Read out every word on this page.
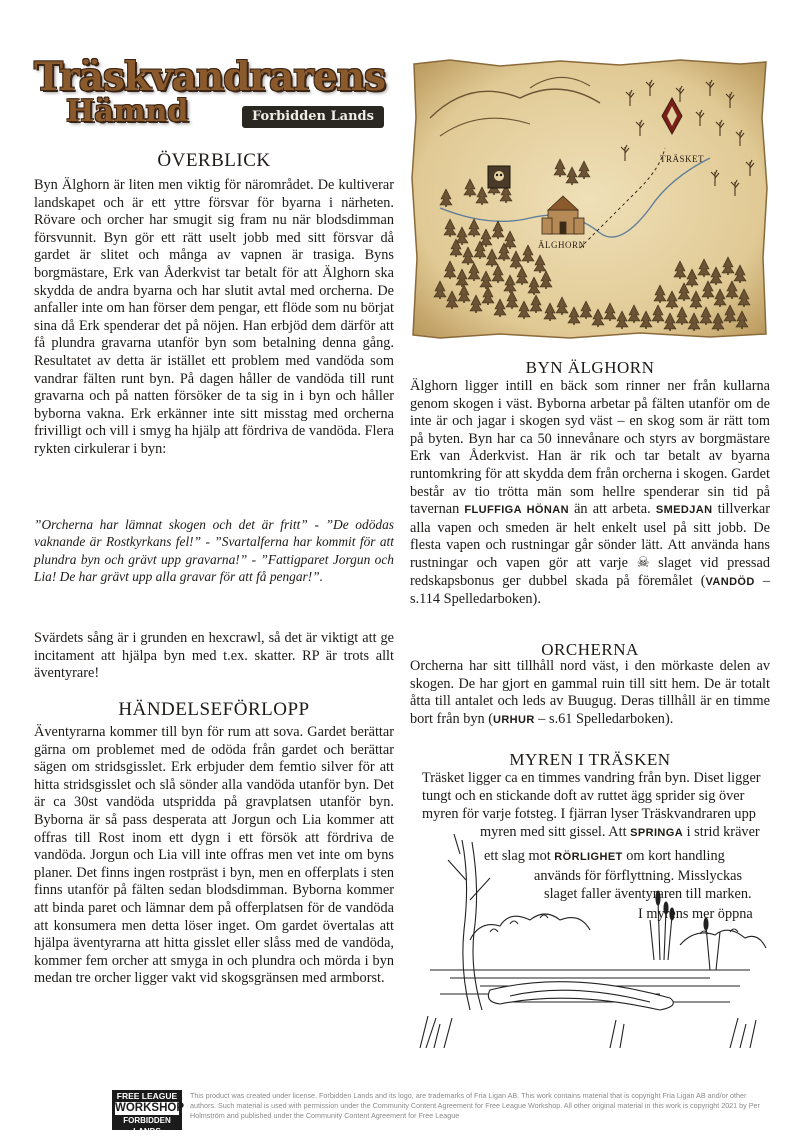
Träskvandrarens
Hämnd	Forbidden Lands
ÖVERBLICK

Byn Älghorn är liten men viktig för närområdet. De kultiverar landskapet och är ett yttre försvar för byarna i närheten. Rövare och orcher har smugit sig fram nu när blodsdimman försvunnit. Byn gör ett rätt uselt jobb med sitt försvar då gardet är slitet och många av vapnen är trasiga. Byns borgmästare, Erk van Åderkvist tar betalt för att Älghorn ska skydda de andra byarna och har slutit avtal med orcherna. De anfaller inte om han förser dem pengar, ett flöde som nu börjat sina då Erk spenderar det på nöjen. Han erbjöd dem därför att få plundra gravarna utanför byn som betalning denna gång. Resultatet av detta är istället ett problem med vandöda som vandrar fälten runt byn. På dagen håller de vandöda till runt gravarna och på natten försöker de ta sig in i byn och håller byborna vakna. Erk erkänner inte sitt misstag med orcherna frivilligt och vill i smyg ha hjälp att fördriva de vandöda. Flera rykten cirkulerar i byn:

”Orcherna har lämnat skogen och det är fritt” - ”De odödas vaknande är Rostkyrkans fel!” - ”Svartalferna har kommit för att plundra byn och grävt upp gravarna!” - ”Fattigparet Jorgun och Lia! De har grävt upp alla gravar för att få pengar!”.

Svärdets sång är i grunden en hexcrawl, så det är viktigt att ge incitament att hjälpa byn med t.ex. skatter. RP är trots allt äventyrare!

HÄNDELSEFÖRLOPP

Äventyrarna kommer till byn för rum att sova. Gardet berättar gärna om problemet med de odöda från gardet och berättar sägen om stridsgisslet. Erk erbjuder dem femtio silver för att hitta stridsgisslet och slå sönder alla vandöda utanför byn. Det är ca 30st vandöda utspridda på gravplatsen utanför byn. Byborna är så pass desperata att Jorgun och Lia kommer att offras till Rost inom ett dygn i ett försök att fördriva de vandöda. Jorgun och Lia vill inte offras men vet inte om byns planer. Det finns ingen rostpräst i byn, men en offerplats i sten finns utanför på fälten sedan blodsdimman. Byborna kommer att binda paret och lämnar dem på offerplatsen för de vandöda att konsumera men detta löser inget. Om gardet övertalas att hjälpa äventyrarna att hitta gisslet eller slåss med de vandöda, kommer fem orcher att smyga in och plundra och mörda i byn medan tre orcher ligger vakt vid skogsgränsen med armborst.

TRÄSKET
ÄLGHORN
BYN ÄLGHORN

Älghorn ligger intill en bäck som rinner ner från kullarna genom skogen i väst. Byborna arbetar på fälten utanför om de inte är och jagar i skogen syd väst – en skog som är rätt tom på byten. Byn har ca 50 innevånare och styrs av borgmästare Erk van Åderkvist. Han är rik och tar betalt av byarna runtomkring för att skydda dem från orcherna i skogen. Gardet består av tio trötta män som hellre spenderar sin tid på tavernan FLUFFIGA HÖNAN än att arbeta. SMEDJAN tillverkar alla vapen och smeden är helt enkelt usel på sitt jobb. De flesta vapen och rustningar går sönder lätt. Att använda hans rustningar och vapen gör att varje ☠ slaget vid pressad redskapsbonus ger dubbel skada på föremålet (VANDÖD – s.114 Spelledarboken).

ORCHERNA

Orcherna har sitt tillhåll nord väst, i den mörkaste delen av skogen. De har gjort en gammal ruin till sitt hem. De är totalt åtta till antalet och leds av Buugug. Deras tillhåll är en timme bort från byn (URHUR – s.61 Spelledarboken).

MYREN I TRÄSKEN
Träsket ligger ca en timmes vandring från byn. Diset ligger
tungt och en stickande doft av ruttet ägg sprider sig över
myren för varje fotsteg. I fjärran lyser Träskvandraren upp
myren med sitt gissel. Att SPRINGA i strid kräver
ett slag mot RÖRLIGHET om kort handling
används för förflyttning. Misslyckas
slaget faller äventyraren till marken.
I myrens mer öppna
FREE LEAGUE
WORKSHOP
FORBIDDEN LANDS

This product was created under license. Forbidden Lands and its logo, are trademarks of Fria Ligan AB. This work contains material that is copyright Fria Ligan AB and/or other authors. Such material is used with permission under the Community Content Agreement for Free League Workshop. All other original material in this work is copyright 2021 by Per Holmström and published under the Community Content Agreement for Free League
